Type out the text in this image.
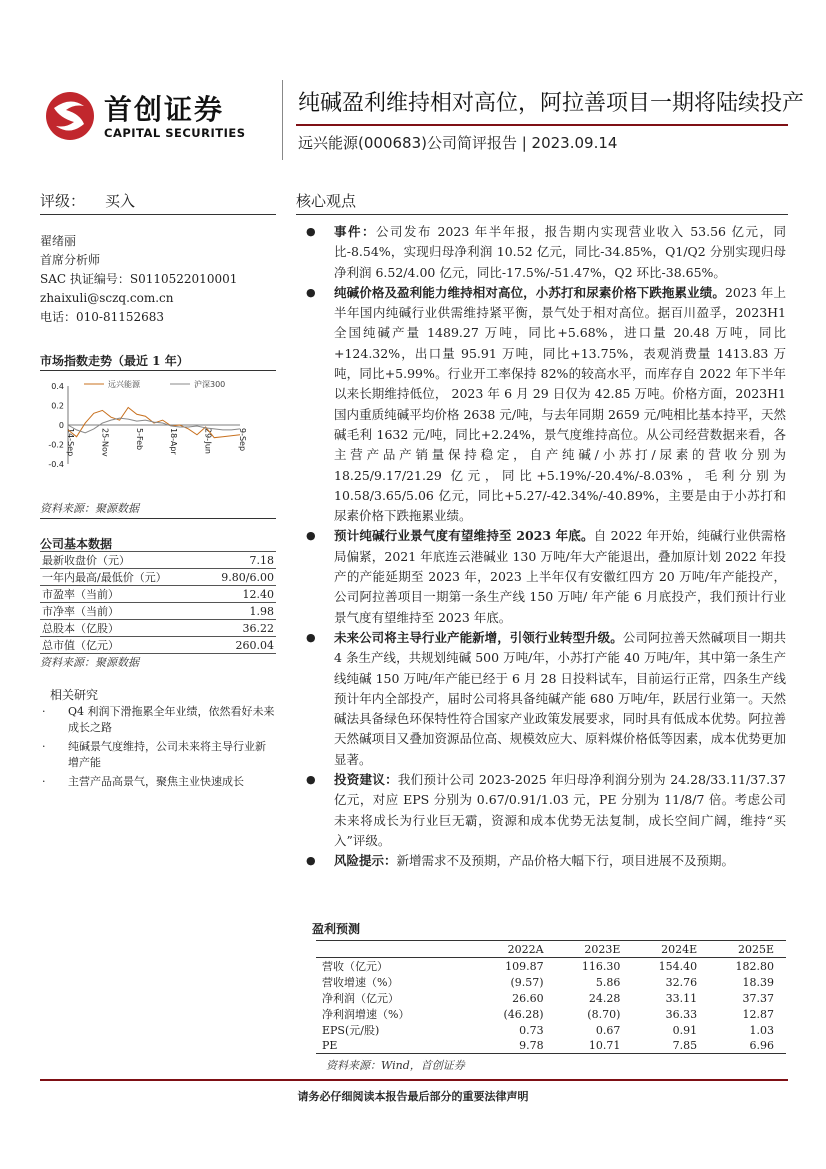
首创证券
CAPITAL SECURITIES
纯碱盈利维持相对高位，阿拉善项目一期将陆续投产
远兴能源(000683)公司简评报告 | 2023.09.14
评级： 买入
翟绪丽
首席分析师
SAC 执证编号：S0110522010001
zhaixuli@sczq.com.cn
电话：010-81152683
市场指数走势（最近 1 年）
-0.4
-0.2
0
0.2
0.4
14-Sep	25-Nov	5-Feb	18-Apr	29-Jun	9-Sep
远兴能源	沪深300
资料来源：聚源数据
公司基本数据
最新收盘价（元）	7.18
一年内最高/最低价（元）	9.80/6.00
市盈率（当前）	12.40
市净率（当前）	1.98
总股本（亿股）	36.22
总市值（亿元）	260.04
资料来源：聚源数据
相关研究
· Q4 利润下滑拖累全年业绩，依然看好未来成长之路
· 纯碱景气度维持，公司未来将主导行业新增产能
· 主营产品高景气，聚焦主业快速成长
核心观点
● 事件：公司发布 2023 年半年报，报告期内实现营业收入 53.56 亿元，同比-8.54%，实现归母净利润 10.52 亿元，同比-34.85%，Q1/Q2 分别实现归母净利润 6.52/4.00 亿元，同比-17.5%/-51.47%，Q2 环比-38.65%。
● 纯碱价格及盈利能力维持相对高位，小苏打和尿素价格下跌拖累业绩。2023 年上半年国内纯碱行业供需维持紧平衡，景气处于相对高位。据百川盈孚，2023H1 全国纯碱产量 1489.27 万吨，同比+5.68%，进口量 20.48 万吨，同比+124.32%，出口量 95.91 万吨，同比+13.75%，表观消费量 1413.83 万吨，同比+5.99%。行业开工率保持 82%的较高水平，而库存自 2022 年下半年以来长期维持低位， 2023 年 6 月 29 日仅为 42.85 万吨。价格方面，2023H1 国内重质纯碱平均价格 2638 元/吨，与去年同期 2659 元/吨相比基本持平，天然碱毛利 1632 元/吨，同比+2.24%，景气度维持高位。从公司经营数据来看，各主营产品产销量保持稳定，自产纯碱/小苏打/尿素的营收分别为 18.25/9.17/21.29 亿元，同比+5.19%/-20.4%/-8.03%，毛利分别为 10.58/3.65/5.06 亿元，同比+5.27/-42.34%/-40.89%，主要是由于小苏打和尿素价格下跌拖累业绩。
● 预计纯碱行业景气度有望维持至 2023 年底。自 2022 年开始，纯碱行业供需格局偏紧，2021 年底连云港碱业 130 万吨/年大产能退出，叠加原计划 2022 年投产的产能延期至 2023 年，2023 上半年仅有安徽红四方 20 万吨/年产能投产，公司阿拉善项目一期第一条生产线 150 万吨/ 年产能 6 月底投产，我们预计行业景气度有望维持至 2023 年底。
● 未来公司将主导行业产能新增，引领行业转型升级。公司阿拉善天然碱项目一期共 4 条生产线，共规划纯碱 500 万吨/年，小苏打产能 40 万吨/年，其中第一条生产线纯碱 150 万吨/年产能已经于 6 月 28 日投料试车，目前运行正常，四条生产线预计年内全部投产，届时公司将具备纯碱产能 680 万吨/年，跃居行业第一。天然碱法具备绿色环保特性符合国家产业政策发展要求，同时具有低成本优势。阿拉善天然碱项目又叠加资源品位高、规模效应大、原料煤价格低等因素，成本优势更加显著。
● 投资建议：我们预计公司 2023-2025 年归母净利润分别为 24.28/33.11/37.37 亿元，对应 EPS 分别为 0.67/0.91/1.03 元，PE 分别为 11/8/7 倍。考虑公司未来将成长为行业巨无霸，资源和成本优势无法复制，成长空间广阔，维持“买入”评级。
● 风险提示：新增需求不及预期，产品价格大幅下行，项目进展不及预期。
盈利预测
	2022A	2023E	2024E	2025E
营收（亿元）	109.87	116.30	154.40	182.80
营收增速（%）	(9.57)	5.86	32.76	18.39
净利润（亿元）	26.60	24.28	33.11	37.37
净利润增速（%）	(46.28)	(8.70)	36.33	12.87
EPS(元/股)	0.73	0.67	0.91	1.03
PE	9.78	10.71	7.85	6.96
资料来源：Wind，首创证券
请务必仔细阅读本报告最后部分的重要法律声明
